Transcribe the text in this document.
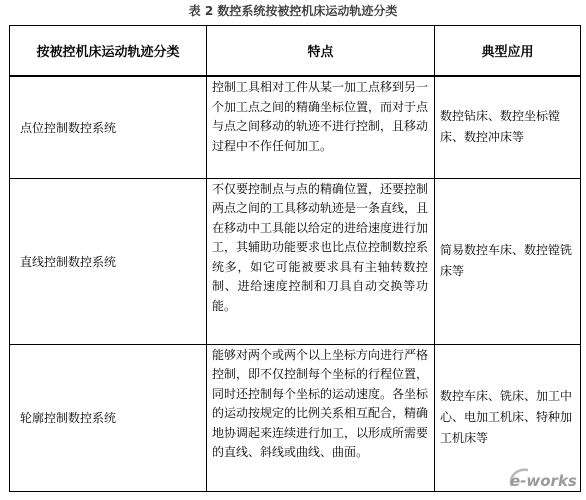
表 2 数控系统按被控机床运动轨迹分类
按被控机床运动轨迹分类	特点	典型应用
点位控制数控系统	控制工具相对工件从某一加工点移到另一个加工点之间的精确坐标位置，而对于点与点之间移动的轨迹不进行控制，且移动过程中不作任何加工。	数控钻床、数控坐标镗床、数控冲床等
直线控制数控系统	不仅要控制点与点的精确位置，还要控制两点之间的工具移动轨迹是一条直线，且在移动中工具能以给定的进给速度进行加工，其辅助功能要求也比点位控制数控系统多，如它可能被要求具有主轴转数控制、进给速度控制和刀具自动交换等功能。	简易数控车床、数控镗铣床等
轮廓控制数控系统	能够对两个或两个以上坐标方向进行严格控制，即不仅控制每个坐标的行程位置，同时还控制每个坐标的运动速度。各坐标的运动按规定的比例关系相互配合，精确地协调起来连续进行加工，以形成所需要的直线、斜线或曲线、曲面。	数控车床、铣床、加工中心、电加工机床、特种加工机床等
e-works
